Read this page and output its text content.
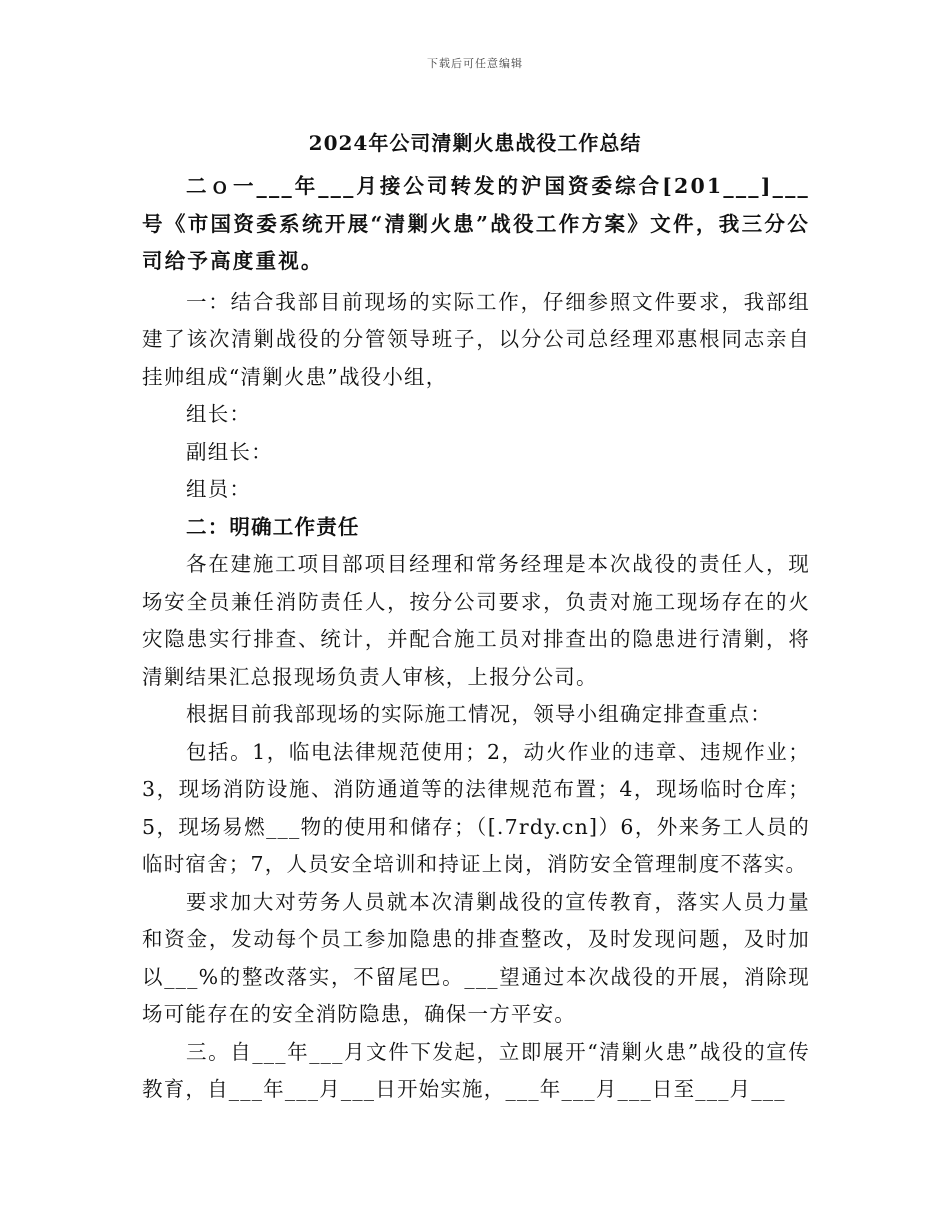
下载后可任意编辑
2024年公司清剿火患战役工作总结

二ｏ一___年___月接公司转发的沪国资委综合[201___]___号《市国资委系统开展“清剿火患”战役工作方案》文件，我三分公司给予高度重视。

一：结合我部目前现场的实际工作，仔细参照文件要求，我部组建了该次清剿战役的分管领导班子，以分公司总经理邓惠根同志亲自挂帅组成“清剿火患”战役小组，

组长：

副组长：

组员：

二：明确工作责任

各在建施工项目部项目经理和常务经理是本次战役的责任人，现场安全员兼任消防责任人，按分公司要求，负责对施工现场存在的火灾隐患实行排查、统计，并配合施工员对排查出的隐患进行清剿，将清剿结果汇总报现场负责人审核，上报分公司。

根据目前我部现场的实际施工情况，领导小组确定排查重点：

包括。1，临电法律规范使用；2，动火作业的违章、违规作业；3，现场消防设施、消防通道等的法律规范布置；4，现场临时仓库；5，现场易燃___物的使用和储存；（[.7rdy.cn]）6，外来务工人员的临时宿舍；7，人员安全培训和持证上岗，消防安全管理制度不落实。

要求加大对劳务人员就本次清剿战役的宣传教育，落实人员力量和资金，发动每个员工参加隐患的排查整改，及时发现问题，及时加以___%的整改落实，不留尾巴。___望通过本次战役的开展，消除现场可能存在的安全消防隐患，确保一方平安。

三。自___年___月文件下发起，立即展开“清剿火患”战役的宣传教育，自___年___月___日开始实施，___年___月___日至___月___
